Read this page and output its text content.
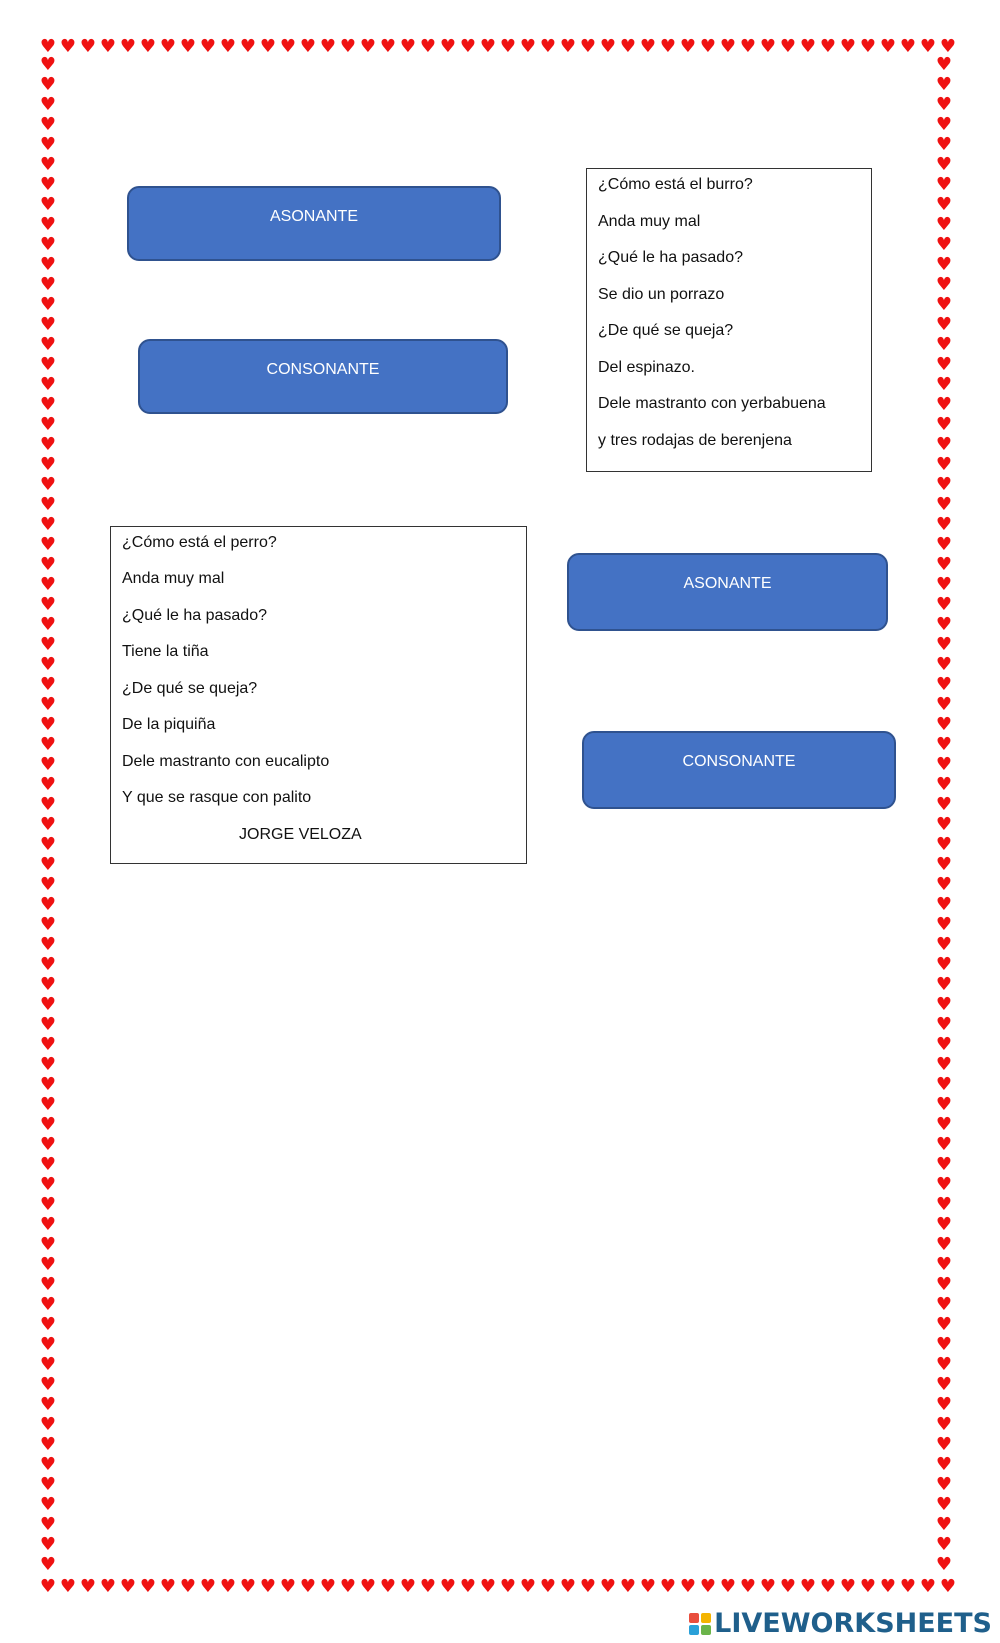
♥ ♥ ♥ ♥ ♥ ♥ ♥ ♥ ♥ ♥ ♥ ♥ ♥ ♥ ♥ ♥ ♥ ♥ ♥ ♥ ♥ ♥ ♥ ♥ ♥ ♥ ♥ ♥ ♥ ♥ ♥ ♥ ♥ ♥ ♥ ♥ ♥ ♥ ♥ ♥ ♥ ♥ ♥ ♥ ♥ ♥
♥ ♥ ♥ ♥ ♥ ♥ ♥ ♥ ♥ ♥ ♥ ♥ ♥ ♥ ♥ ♥ ♥ ♥ ♥ ♥ ♥ ♥ ♥ ♥ ♥ ♥ ♥ ♥ ♥ ♥ ♥ ♥ ♥ ♥ ♥ ♥ ♥ ♥ ♥ ♥ ♥ ♥ ♥ ♥ ♥ ♥
♥
♥
♥
♥
♥
♥
♥
♥
♥
♥
♥
♥
♥
♥
♥
♥
♥
♥
♥
♥
♥
♥
♥
♥
♥
♥
♥
♥
♥
♥
♥
♥
♥
♥
♥
♥
♥
♥
♥
♥
♥
♥
♥
♥
♥
♥
♥
♥
♥
♥
♥
♥
♥
♥
♥
♥
♥
♥
♥
♥
♥
♥
♥
♥
♥
♥
♥
♥
♥
♥
♥
♥
♥
♥
♥
♥
♥
♥
♥
♥
♥
♥
♥
♥
♥
♥
♥
♥
♥
♥
♥
♥
♥
♥
♥
♥
♥
♥
♥
♥
♥
♥
♥
♥
♥
♥
♥
♥
♥
♥
♥
♥
♥
♥
♥
♥
♥
♥
♥
♥
♥
♥
♥
♥
♥
♥
♥
♥
♥
♥
♥
♥
♥
♥
♥
♥
♥
♥
♥
♥
♥
♥
♥
♥
♥
♥
♥
♥
♥
♥
♥
♥
ASONANTE
CONSONANTE
¿Cómo está el burro?
Anda muy mal
¿Qué le ha pasado?
Se dio un porrazo
¿De qué se queja?
Del espinazo.
Dele mastranto con yerbabuena
y tres rodajas de berenjena
¿Cómo está el perro?
Anda muy mal
¿Qué le ha pasado?
Tiene la tiña
¿De qué se queja?
De la piquiña
Dele mastranto con eucalipto
Y que se rasque con palito
JORGE VELOZA
ASONANTE
CONSONANTE
LIVEWORKSHEETS
